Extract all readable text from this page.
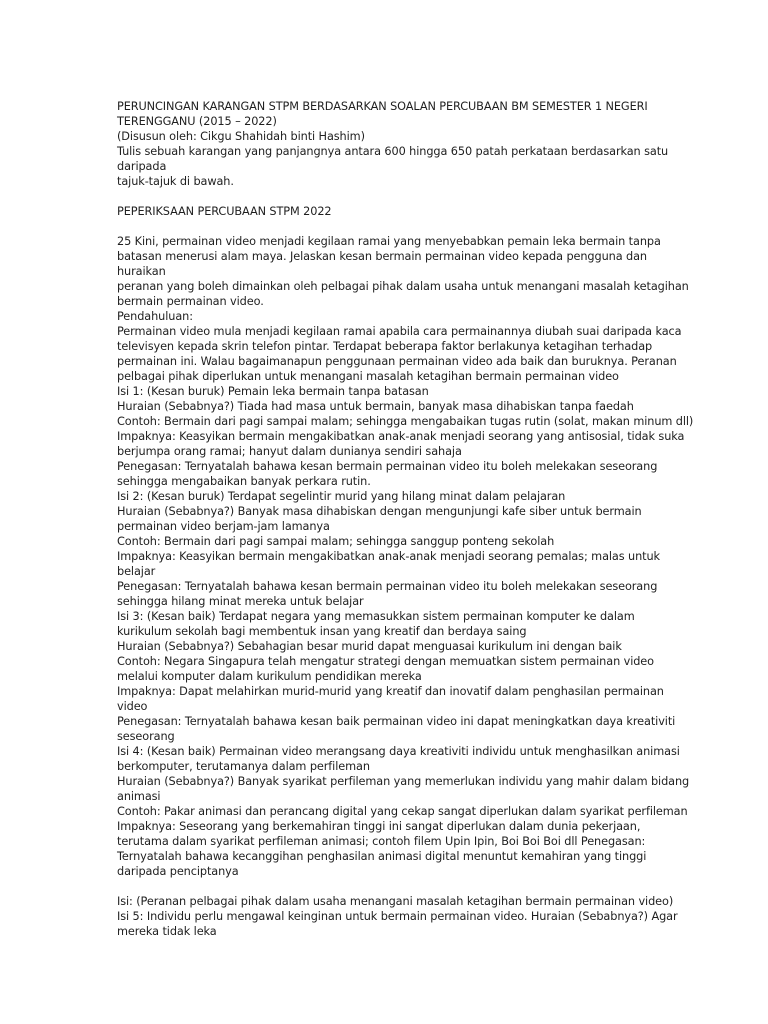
PERUNCINGAN KARANGAN STPM BERDASARKAN SOALAN PERCUBAAN BM SEMESTER 1 NEGERI
TERENGGANU (2015 – 2022)
(Disusun oleh: Cikgu Shahidah binti Hashim)
Tulis sebuah karangan yang panjangnya antara 600 hingga 650 patah perkataan berdasarkan satu
daripada
tajuk-tajuk di bawah.
PEPERIKSAAN PERCUBAAN STPM 2022
25 Kini, permainan video menjadi kegilaan ramai yang menyebabkan pemain leka bermain tanpa
batasan menerusi alam maya. Jelaskan kesan bermain permainan video kepada pengguna dan
huraikan
peranan yang boleh dimainkan oleh pelbagai pihak dalam usaha untuk menangani masalah ketagihan
bermain permainan video.
Pendahuluan:
Permainan video mula menjadi kegilaan ramai apabila cara permainannya diubah suai daripada kaca
televisyen kepada skrin telefon pintar. Terdapat beberapa faktor berlakunya ketagihan terhadap
permainan ini. Walau bagaimanapun penggunaan permainan video ada baik dan buruknya. Peranan
pelbagai pihak diperlukan untuk menangani masalah ketagihan bermain permainan video
Isi 1: (Kesan buruk) Pemain leka bermain tanpa batasan
Huraian (Sebabnya?) Tiada had masa untuk bermain, banyak masa dihabiskan tanpa faedah
Contoh: Bermain dari pagi sampai malam; sehingga mengabaikan tugas rutin (solat, makan minum dll)
Impaknya: Keasyikan bermain mengakibatkan anak-anak menjadi seorang yang antisosial, tidak suka
berjumpa orang ramai; hanyut dalam dunianya sendiri sahaja
Penegasan: Ternyatalah bahawa kesan bermain permainan video itu boleh melekakan seseorang
sehingga mengabaikan banyak perkara rutin.
Isi 2: (Kesan buruk) Terdapat segelintir murid yang hilang minat dalam pelajaran
Huraian (Sebabnya?) Banyak masa dihabiskan dengan mengunjungi kafe siber untuk bermain
permainan video berjam-jam lamanya
Contoh: Bermain dari pagi sampai malam; sehingga sanggup ponteng sekolah
Impaknya: Keasyikan bermain mengakibatkan anak-anak menjadi seorang pemalas; malas untuk
belajar
Penegasan: Ternyatalah bahawa kesan bermain permainan video itu boleh melekakan seseorang
sehingga hilang minat mereka untuk belajar
Isi 3: (Kesan baik) Terdapat negara yang memasukkan sistem permainan komputer ke dalam
kurikulum sekolah bagi membentuk insan yang kreatif dan berdaya saing
Huraian (Sebabnya?) Sebahagian besar murid dapat menguasai kurikulum ini dengan baik
Contoh: Negara Singapura telah mengatur strategi dengan memuatkan sistem permainan video
melalui komputer dalam kurikulum pendidikan mereka
Impaknya: Dapat melahirkan murid-murid yang kreatif dan inovatif dalam penghasilan permainan
video
Penegasan: Ternyatalah bahawa kesan baik permainan video ini dapat meningkatkan daya kreativiti
seseorang
Isi 4: (Kesan baik) Permainan video merangsang daya kreativiti individu untuk menghasilkan animasi
berkomputer, terutamanya dalam perfileman
Huraian (Sebabnya?) Banyak syarikat perfileman yang memerlukan individu yang mahir dalam bidang
animasi
Contoh: Pakar animasi dan perancang digital yang cekap sangat diperlukan dalam syarikat perfileman
Impaknya: Seseorang yang berkemahiran tinggi ini sangat diperlukan dalam dunia pekerjaan,
terutama dalam syarikat perfileman animasi; contoh filem Upin Ipin, Boi Boi Boi dll Penegasan:
Ternyatalah bahawa kecanggihan penghasilan animasi digital menuntut kemahiran yang tinggi
daripada penciptanya
Isi: (Peranan pelbagai pihak dalam usaha menangani masalah ketagihan bermain permainan video)
Isi 5: Individu perlu mengawal keinginan untuk bermain permainan video. Huraian (Sebabnya?) Agar
mereka tidak leka
